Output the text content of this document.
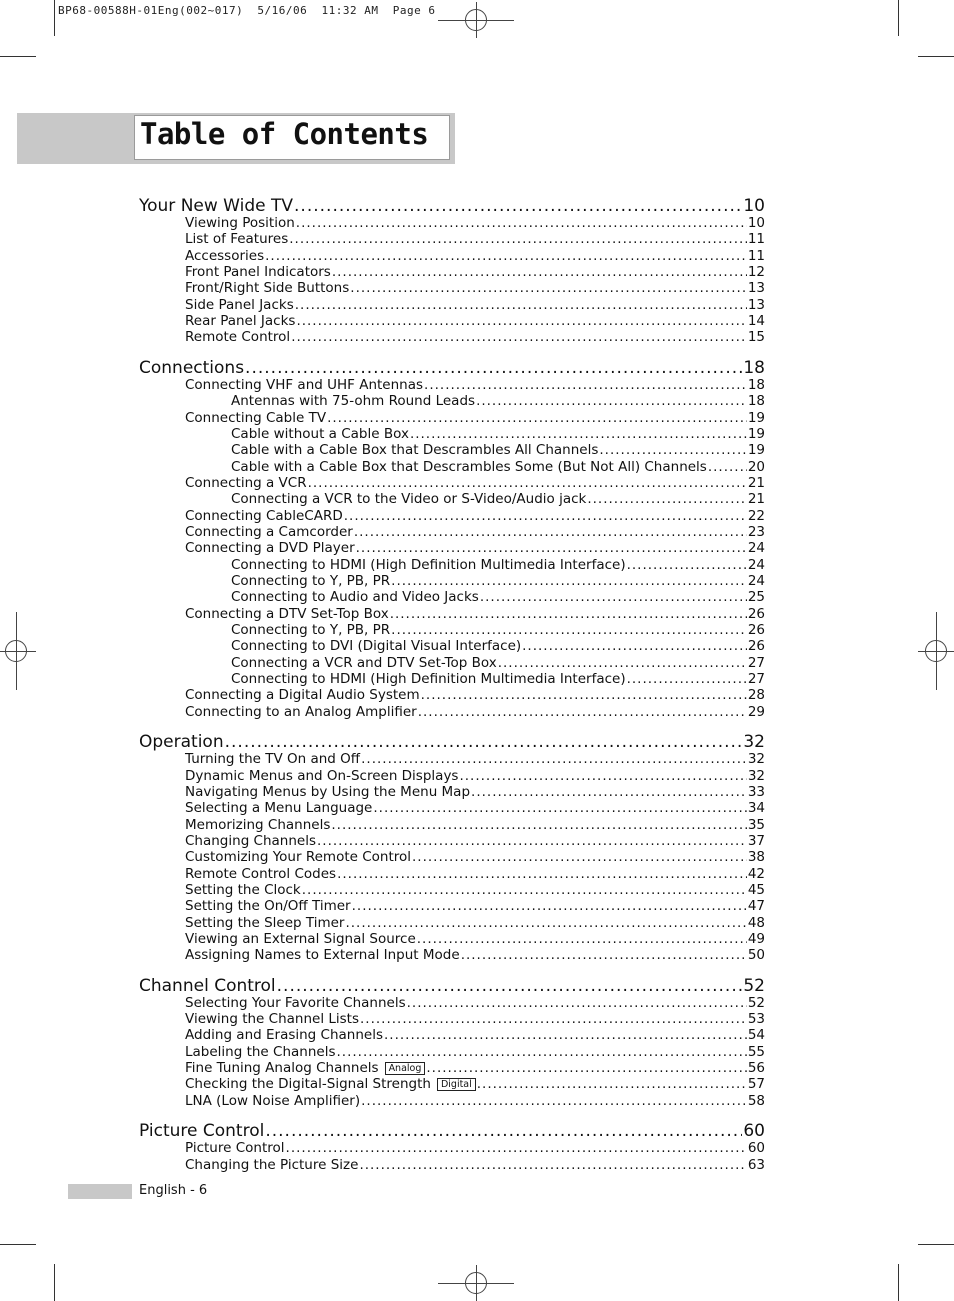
BP68-00588H-01Eng(002~017)  5/16/06  11:32 AM  Page 6
Table of Contents
Your New Wide TV .....	10
Viewing Position .....	10
List of Features .....	11
Accessories .....	11
Front Panel Indicators .....	12
Front/Right Side Buttons .....	13
Side Panel Jacks .....	13
Rear Panel Jacks .....	14
Remote Control .....	15
Connections .....	18
Connecting VHF and UHF Antennas .....	18
Antennas with 75-ohm Round Leads .....	18
Connecting Cable TV .....	19
Cable without a Cable Box .....	19
Cable with a Cable Box that Descrambles All Channels .....	19
Cable with a Cable Box that Descrambles Some (But Not All) Channels .....	20
Connecting a VCR .....	21
Connecting a VCR to the Video or S-Video/Audio jack .....	21
Connecting CableCARD .....	22
Connecting a Camcorder .....	23
Connecting a DVD Player .....	24
Connecting to HDMI (High Definition Multimedia Interface) .....	24
Connecting to Y, PB, PR .....	24
Connecting to Audio and Video Jacks .....	25
Connecting a DTV Set-Top Box .....	26
Connecting to Y, PB, PR .....	26
Connecting to DVI (Digital Visual Interface) .....	26
Connecting a VCR and DTV Set-Top Box .....	27
Connecting to HDMI (High Definition Multimedia Interface) .....	27
Connecting a Digital Audio System .....	28
Connecting to an Analog Amplifier .....	29
Operation .....	32
Turning the TV On and Off .....	32
Dynamic Menus and On-Screen Displays .....	32
Navigating Menus by Using the Menu Map .....	33
Selecting a Menu Language .....	34
Memorizing Channels .....	35
Changing Channels .....	37
Customizing Your Remote Control .....	38
Remote Control Codes .....	42
Setting the Clock .....	45
Setting the On/Off Timer .....	47
Setting the Sleep Timer .....	48
Viewing an External Signal Source .....	49
Assigning Names to External Input Mode .....	50
Channel Control .....	52
Selecting Your Favorite Channels .....	52
Viewing the Channel Lists .....	53
Adding and Erasing Channels .....	54
Labeling the Channels .....	55
Fine Tuning Analog Channels	Analog .....	56
Checking the Digital-Signal Strength	Digital .....	57
LNA (Low Noise Amplifier) .....	58
Picture Control .....	60
Picture Control .....	60
Changing the Picture Size .....	63
English - 6
